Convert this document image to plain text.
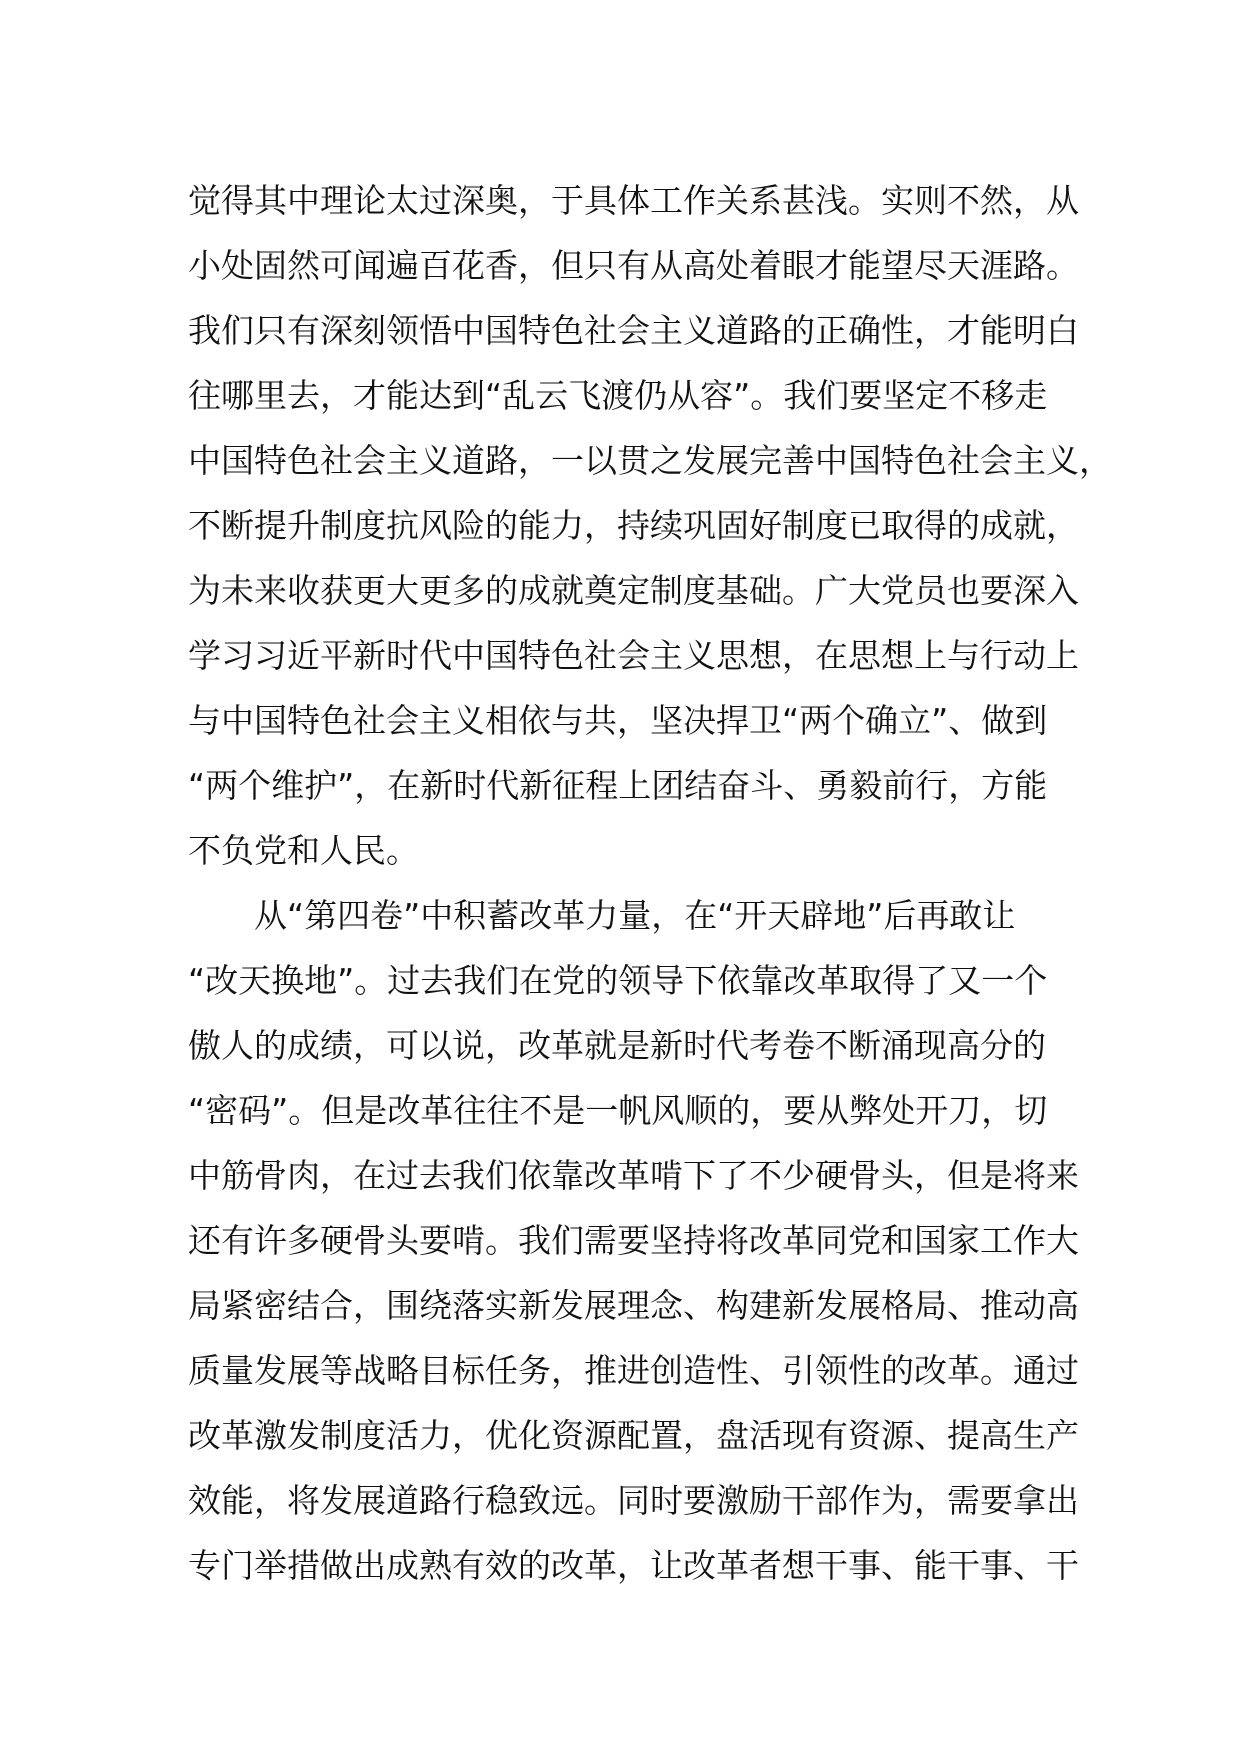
觉得其中理论太过深奥，于具体工作关系甚浅。实则不然，从
小处固然可闻遍百花香，但只有从高处着眼才能望尽天涯路。
我们只有深刻领悟中国特色社会主义道路的正确性，才能明白
往哪里去，才能达到“乱云飞渡仍从容”。我们要坚定不移走
中国特色社会主义道路，一以贯之发展完善中国特色社会主义，
不断提升制度抗风险的能力，持续巩固好制度已取得的成就，
为未来收获更大更多的成就奠定制度基础。广大党员也要深入
学习习近平新时代中国特色社会主义思想，在思想上与行动上
与中国特色社会主义相依与共，坚决捍卫“两个确立”、做到
“两个维护”，在新时代新征程上团结奋斗、勇毅前行，方能
不负党和人民。
　　从“第四卷”中积蓄改革力量，在“开天辟地”后再敢让
“改天换地”。过去我们在党的领导下依靠改革取得了又一个
傲人的成绩，可以说，改革就是新时代考卷不断涌现高分的
“密码”。但是改革往往不是一帆风顺的，要从弊处开刀，切
中筋骨肉，在过去我们依靠改革啃下了不少硬骨头，但是将来
还有许多硬骨头要啃。我们需要坚持将改革同党和国家工作大
局紧密结合，围绕落实新发展理念、构建新发展格局、推动高
质量发展等战略目标任务，推进创造性、引领性的改革。通过
改革激发制度活力，优化资源配置，盘活现有资源、提高生产
效能，将发展道路行稳致远。同时要激励干部作为，需要拿出
专门举措做出成熟有效的改革，让改革者想干事、能干事、干
